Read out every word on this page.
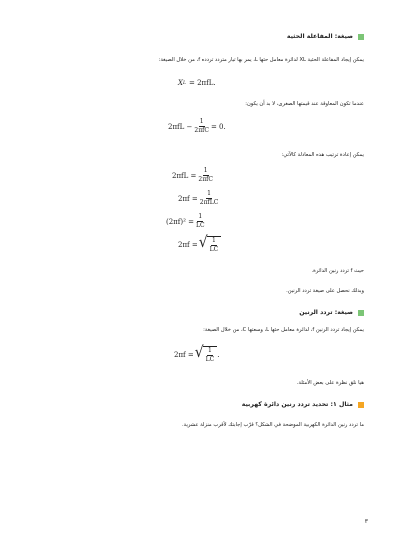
صيغة: المفاعلة الحثية
يمكن إيجاد المفاعلة الحثية XL لدائرة معامل حثها L، يمر بها تيار متردد تردده f، من خلال الصيغة:
X L = 2πfL.
عندما تكون المعاوقة عند قيمتها الصغرى، لا بد أن يكون:
$2\pi fL - \frac{1}{\text{2πfC}} = 0$.
يمكن إعادة ترتيب هذه المعادلة كالآتي:
$2\pi fL = \frac{1}{\text{2πfC}}$
$2\pi f = \frac{1}{\text{2πfLC}}$
$(2\pi f)^2 = \frac{1}{LC}$
2πf = √ $\frac{1}{LC}$
حيث f تردد رنين الدائرة.
وبذلك نحصل على صيغة تردد الرنين.
صيغة: تردد الرنين
يمكن إيجاد تردد الرنين f، لدائرة معامل حثها L، وسعتها C، من خلال الصيغة:
2πf = √ $\frac{1}{LC}$ .
هيا نلق نظرة على بعض الأمثلة.
مثال ١: تحديد تردد رنين دائرة كهربية
ما تردد رنين الدائرة الكهربية الموضحة في الشكل؟ قرّب إجابتك لأقرب منزلة عشرية.
٣
